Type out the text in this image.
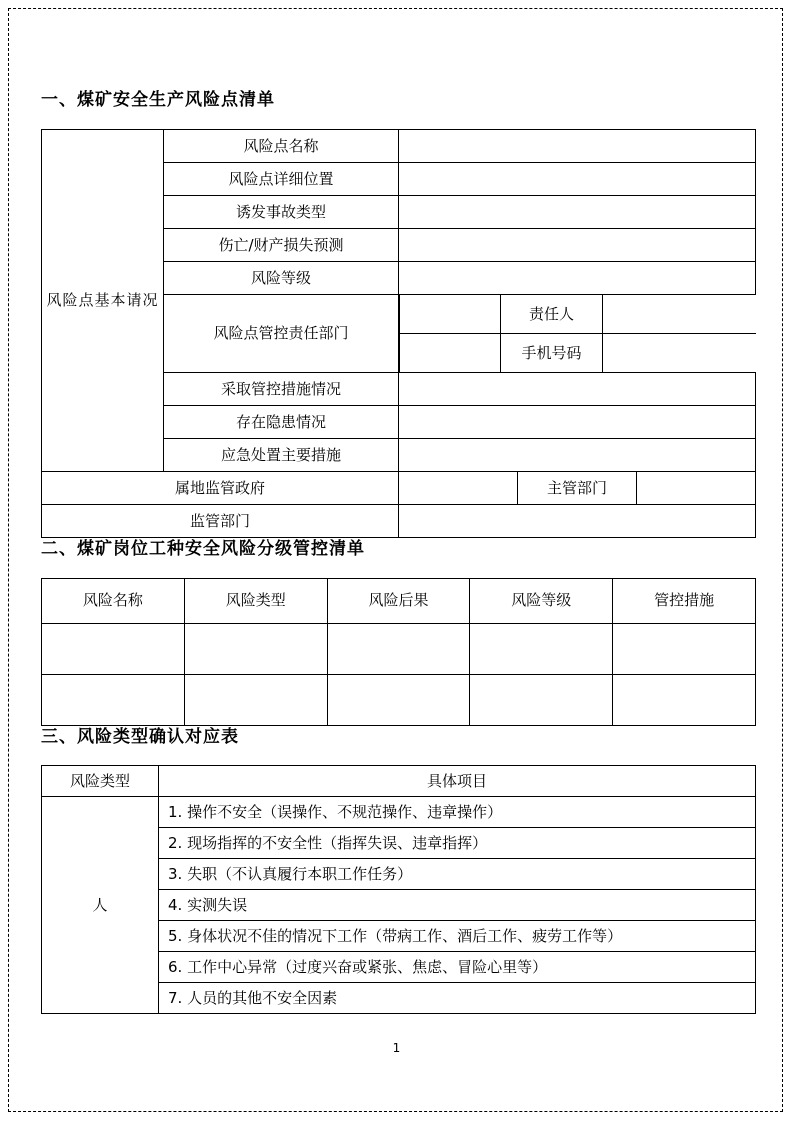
一、煤矿安全生产风险点清单
风险点基本请况	风险点名称	
风险点详细位置	
诱发事故类型	
伤亡/财产损失预测	
风险等级	
风险点管控责任部门	
	责任人	
	手机号码	

采取管控措施情况	
存在隐患情况	
应急处置主要措施	
属地监管政府		主管部门	
监管部门	
二、煤矿岗位工种安全风险分级管控清单
风险名称	风险类型	风险后果	风险等级	管控措施

三、风险类型确认对应表
风险类型	具体项目
人	1. 操作不安全（误操作、不规范操作、违章操作）
	2. 现场指挥的不安全性（指挥失误、违章指挥）
	3. 失职（不认真履行本职工作任务）
	4. 实测失误
	5. 身体状况不佳的情况下工作（带病工作、酒后工作、疲劳工作等）
	6. 工作中心异常（过度兴奋或紧张、焦虑、冒险心里等）
	7. 人员的其他不安全因素
1
